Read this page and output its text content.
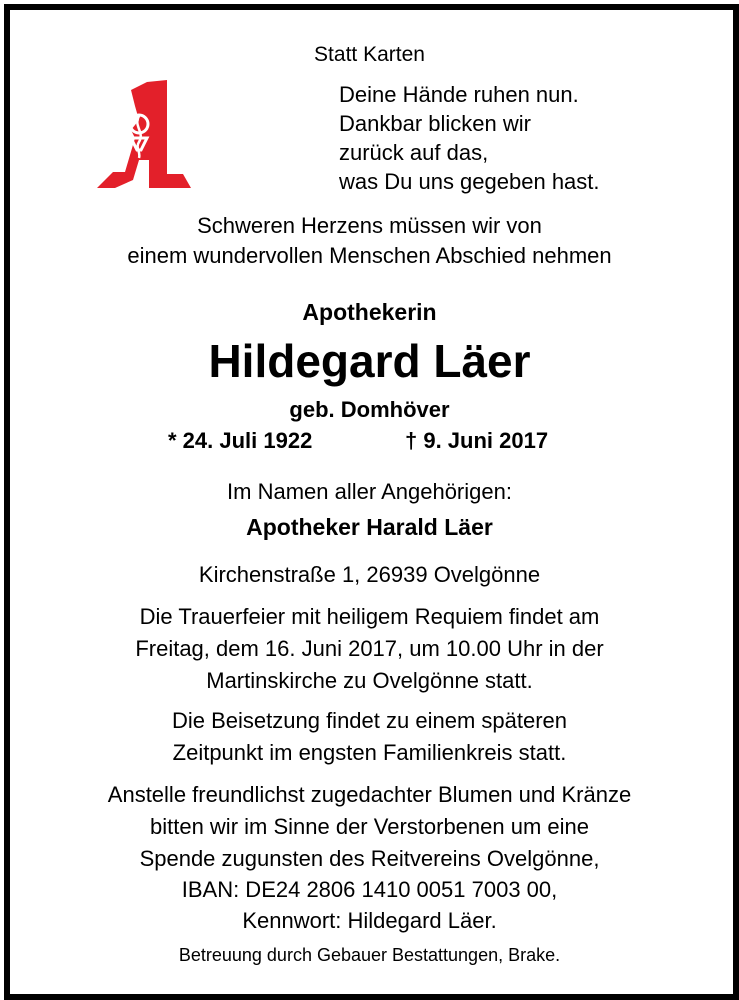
Statt Karten
Deine Hände ruhen nun.
Dankbar blicken wir
zurück auf das,
was Du uns gegeben hast.
Schweren Herzens müssen wir von
einem wundervollen Menschen Abschied nehmen
Apothekerin
Hildegard Läer
geb. Domhöver
* 24. Juli 1922	† 9. Juni 2017
Im Namen aller Angehörigen:
Apotheker Harald Läer
Kirchenstraße 1, 26939 Ovelgönne
Die Trauerfeier mit heiligem Requiem findet am
Freitag, dem 16. Juni 2017, um 10.00 Uhr in der
Martinskirche zu Ovelgönne statt.
Die Beisetzung findet zu einem späteren
Zeitpunkt im engsten Familienkreis statt.
Anstelle freundlichst zugedachter Blumen und Kränze
bitten wir im Sinne der Verstorbenen um eine
Spende zugunsten des Reitvereins Ovelgönne,
IBAN: DE24 2806 1410 0051 7003 00,
Kennwort: Hildegard Läer.
Betreuung durch Gebauer Bestattungen, Brake.
